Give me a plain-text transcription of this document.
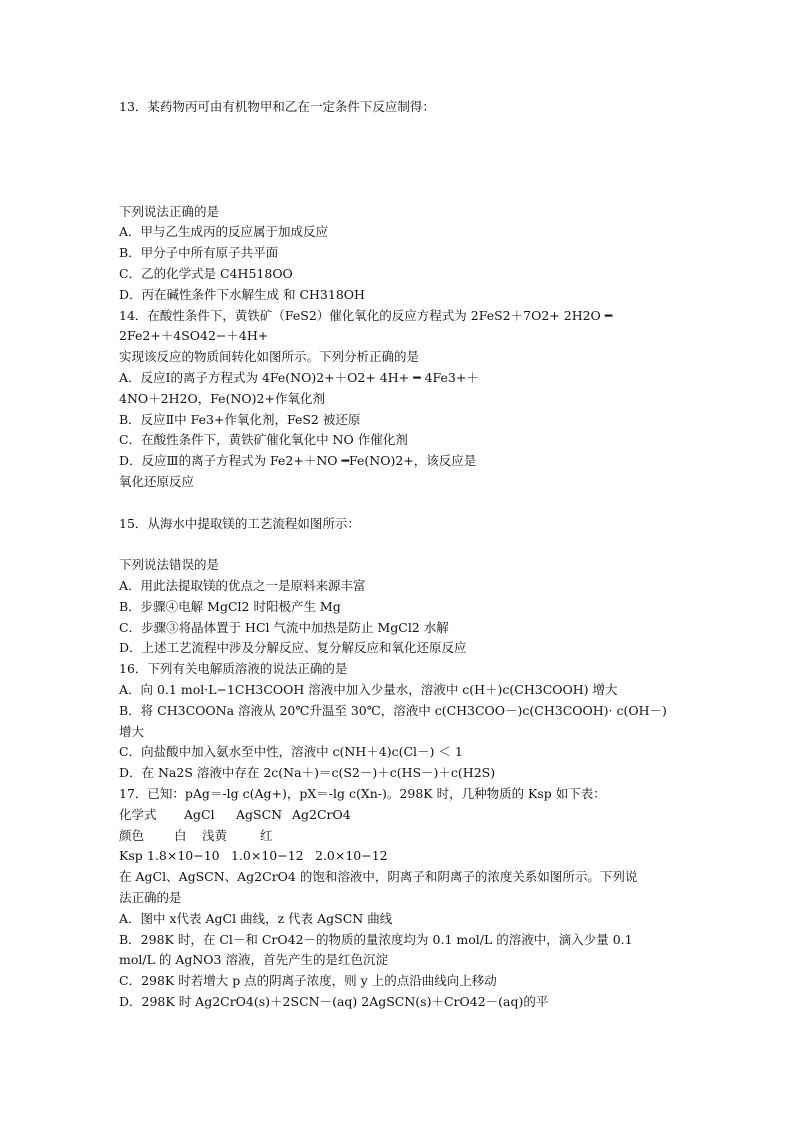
13．某药物丙可由有机物甲和乙在一定条件下反应制得：
下列说法正确的是
A．甲与乙生成丙的反应属于加成反应
B．甲分子中所有原子共平面
C．乙的化学式是 C4H518OO
D．丙在碱性条件下水解生成 和 CH318OH
14．在酸性条件下，黄铁矿（FeS2）催化氧化的反应方程式为 2FeS2＋7O2+ 2H2O ━
2Fe2+＋4SO42−＋4H+
实现该反应的物质间转化如图所示。下列分析正确的是
A．反应Ⅰ的离子方程式为 4Fe(NO)2+＋O2+ 4H+ ━ 4Fe3+＋
4NO＋2H2O，Fe(NO)2+作氧化剂
B．反应Ⅱ中 Fe3+作氧化剂，FeS2 被还原
C．在酸性条件下，黄铁矿催化氧化中 NO 作催化剂
D．反应Ⅲ的离子方程式为 Fe2+＋NO ━Fe(NO)2+，该反应是
氧化还原反应
15．从海水中提取镁的工艺流程如图所示：
下列说法错误的是
A．用此法提取镁的优点之一是原料来源丰富
B．步骤④电解 MgCl2 时阳极产生 Mg
C．步骤③将晶体置于 HCl 气流中加热是防止 MgCl2 水解
D．上述工艺流程中涉及分解反应、复分解反应和氧化还原反应
16．下列有关电解质溶液的说法正确的是
A．向 0.1 mol·L−1CH3COOH 溶液中加入少量水，溶液中 c(H＋)c(CH3COOH) 增大
B．将 CH3COONa 溶液从 20℃升温至 30℃，溶液中 c(CH3COO－)c(CH3COOH)· c(OH－)
增大
C．向盐酸中加入氨水至中性，溶液中 c(NH＋4)c(Cl－) ＜ 1
D．在 Na2S 溶液中存在 2c(Na＋)＝c(S2－)＋c(HS－)＋c(H2S)
17．已知：pAg＝-lg c(Ag+)，pX＝-lg c(Xn-)。298K 时，几种物质的 Ksp 如下表：
化学式 AgCl AgSCN Ag2CrO4
颜色 白 浅黄	红
Ksp 1.8×10−10 1.0×10−12 2.0×10−12
在 AgCl、AgSCN、Ag2CrO4 的饱和溶液中，阴离子和阴离子的浓度关系如图所示。下列说
法正确的是
A．图中 x代表 AgCl 曲线，z 代表 AgSCN 曲线
B．298K 时，在 Cl－和 CrO42－的物质的量浓度均为 0.1 mol/L 的溶液中，滴入少量 0.1
mol/L 的 AgNO3 溶液，首先产生的是红色沉淀
C．298K 时若增大 p 点的阴离子浓度，则 y 上的点沿曲线向上移动
D．298K 时 Ag2CrO4(s)＋2SCN－(aq) 2AgSCN(s)＋CrO42－(aq)的平
